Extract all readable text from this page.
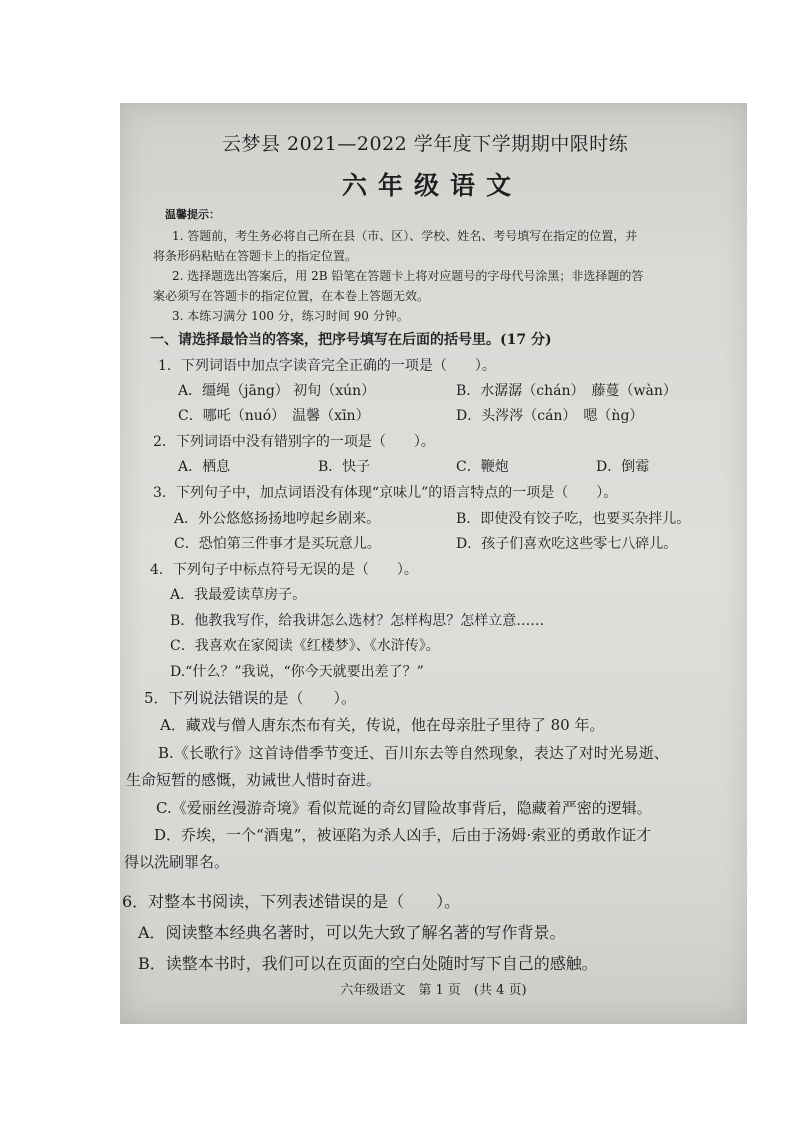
云梦县 2021—2022 学年度下学期期中限时练
六年级语文
温馨提示：
1. 答题前，考生务必将自己所在县（市、区）、学校、姓名、考号填写在指定的位置，并
将条形码粘贴在答题卡上的指定位置。
2. 选择题选出答案后，用 2B 铅笔在答题卡上将对应题号的字母代号涂黑；非选择题的答
案必须写在答题卡的指定位置，在本卷上答题无效。
3. 本练习满分 100 分，练习时间 90 分钟。
一、请选择最恰当的答案，把序号填写在后面的括号里。(17 分)
1．下列词语中加点字读音完全正确的一项是（　　）。
A．缰绳（jāng） 初旬（xún）	B．水潺潺（chán）　藤蔓（wàn）
C．哪吒（nuó）　温馨（xīn）	D．头涔涔（cán）　嗯（ǹg）
2．下列词语中没有错别字的一项是（　　）。
A．栖息	B．快子	C．鞭炮	D．倒霉
3．下列句子中，加点词语没有体现“京味儿”的语言特点的一项是（　　）。
A．外公悠悠扬扬地哼起乡剧来。	B．即使没有饺子吃，也要买杂拌儿。
C．恐怕第三件事才是买玩意儿。	D．孩子们喜欢吃这些零七八碎儿。
4．下列句子中标点符号无误的是（　　）。
A．我最爱读草房子。
B．他教我写作，给我讲怎么选材？怎样构思？怎样立意……
C．我喜欢在家阅读《红楼梦》、《水浒传》。
D.“什么？”我说，“你今天就要出差了？”
5．下列说法错误的是（　　）。
A．藏戏与僧人唐东杰布有关，传说，他在母亲肚子里待了 80 年。
B.《长歌行》这首诗借季节变迁、百川东去等自然现象，表达了对时光易逝、
生命短暂的感慨，劝诫世人惜时奋进。
C.《爱丽丝漫游奇境》看似荒诞的奇幻冒险故事背后，隐藏着严密的逻辑。
D．乔埃，一个“酒鬼”，被诬陷为杀人凶手，后由于汤姆·索亚的勇敢作证才
得以洗刷罪名。
6．对整本书阅读，下列表述错误的是（　　）。
A．阅读整本经典名著时，可以先大致了解名著的写作背景。
B．读整本书时，我们可以在页面的空白处随时写下自己的感触。
六年级语文　第 1 页　(共 4 页)
